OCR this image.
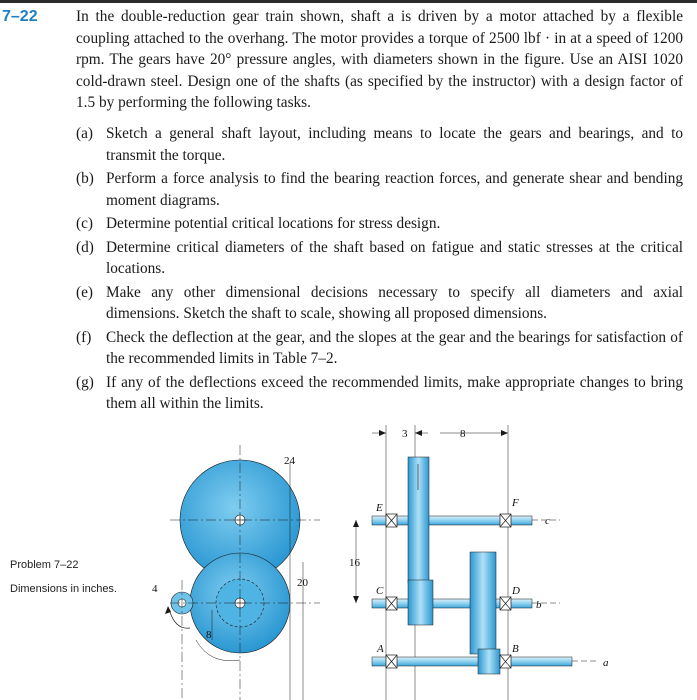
7–22	In the double-reduction gear train shown, shaft a is driven by a motor attached by a flexible coupling attached to the overhang. The motor provides a torque of 2500 lbf · in at a speed of 1200 rpm. The gears have 20° pressure angles, with diameters shown in the figure. Use an AISI 1020 cold-drawn steel. Design one of the shafts (as specified by the instructor) with a design factor of 1.5 by performing the following tasks.
(a) Sketch a general shaft layout, including means to locate the gears and bearings, and to transmit the torque.
(b) Perform a force analysis to find the bearing reaction forces, and generate shear and bending moment diagrams.
(c) Determine potential critical locations for stress design.
(d) Determine critical diameters of the shaft based on fatigue and static stresses at the critical locations.
(e) Make any other dimensional decisions necessary to specify all diameters and axial dimensions. Sketch the shaft to scale, showing all proposed dimensions.
(f) Check the deflection at the gear, and the slopes at the gear and the bearings for satisfaction of the recommended limits in Table 7–2.
(g) If any of the deflections exceed the recommended limits, make appropriate changes to bring them all within the limits.
Problem 7–22
Dimensions in inches.
24
20
8
4
16
3	8
E	F
C	D
A	B
c
b
a
